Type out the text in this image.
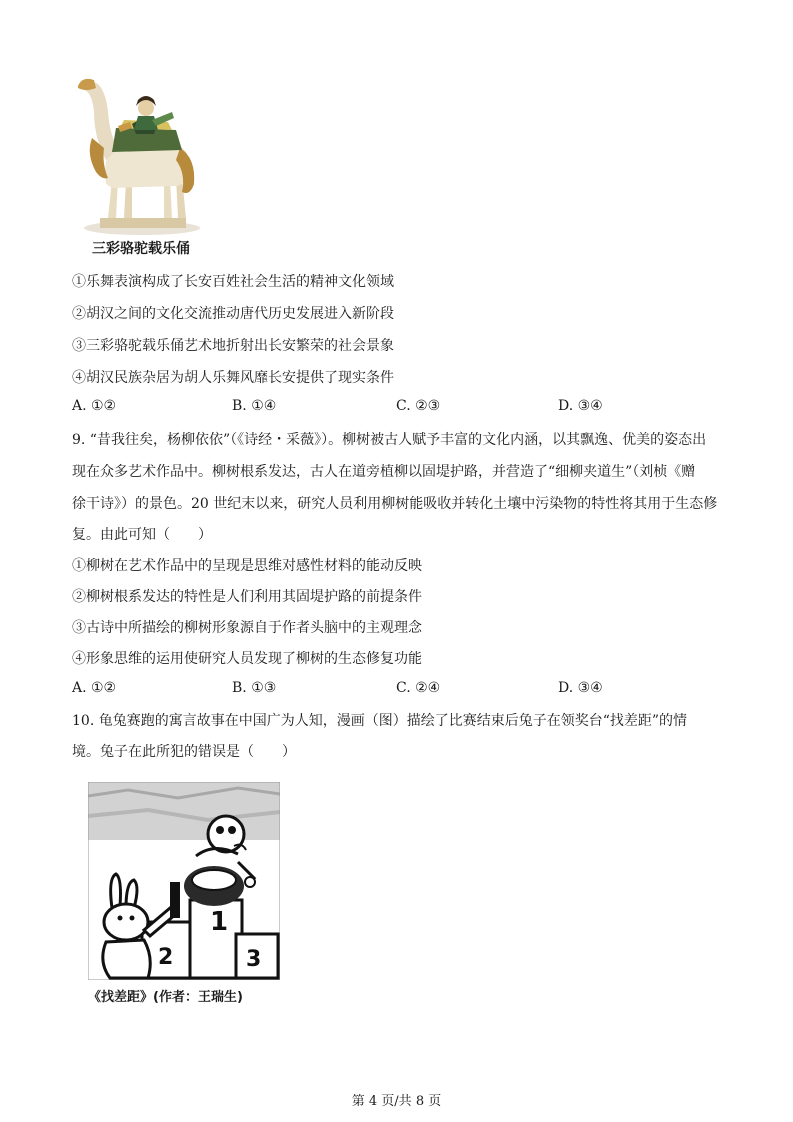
三彩骆驼载乐俑
①乐舞表演构成了长安百姓社会生活的精神文化领域
②胡汉之间的文化交流推动唐代历史发展进入新阶段
③三彩骆驼载乐俑艺术地折射出长安繁荣的社会景象
④胡汉民族杂居为胡人乐舞风靡长安提供了现实条件
A. ①②	B. ①④	C. ②③	D. ③④
9. “昔我往矣，杨柳依依”（《诗经・采薇》）。柳树被古人赋予丰富的文化内涵，以其飘逸、优美的姿态出
现在众多艺术作品中。柳树根系发达，古人在道旁植柳以固堤护路，并营造了“细柳夹道生”（刘桢《赠
徐干诗》）的景色。20 世纪末以来，研究人员利用柳树能吸收并转化土壤中污染物的特性将其用于生态修
复。由此可知（　　）
①柳树在艺术作品中的呈现是思维对感性材料的能动反映
②柳树根系发达的特性是人们利用其固堤护路的前提条件
③古诗中所描绘的柳树形象源自于作者头脑中的主观理念
④形象思维的运用使研究人员发现了柳树的生态修复功能
A. ①②	B. ①③	C. ②④	D. ③④
10. 龟兔赛跑的寓言故事在中国广为人知，漫画（图）描绘了比赛结束后兔子在领奖台“找差距”的情
境。兔子在此所犯的错误是（　　）
1
2	3
《找差距》(作者：王瑞生)
第 4 页/共 8 页
